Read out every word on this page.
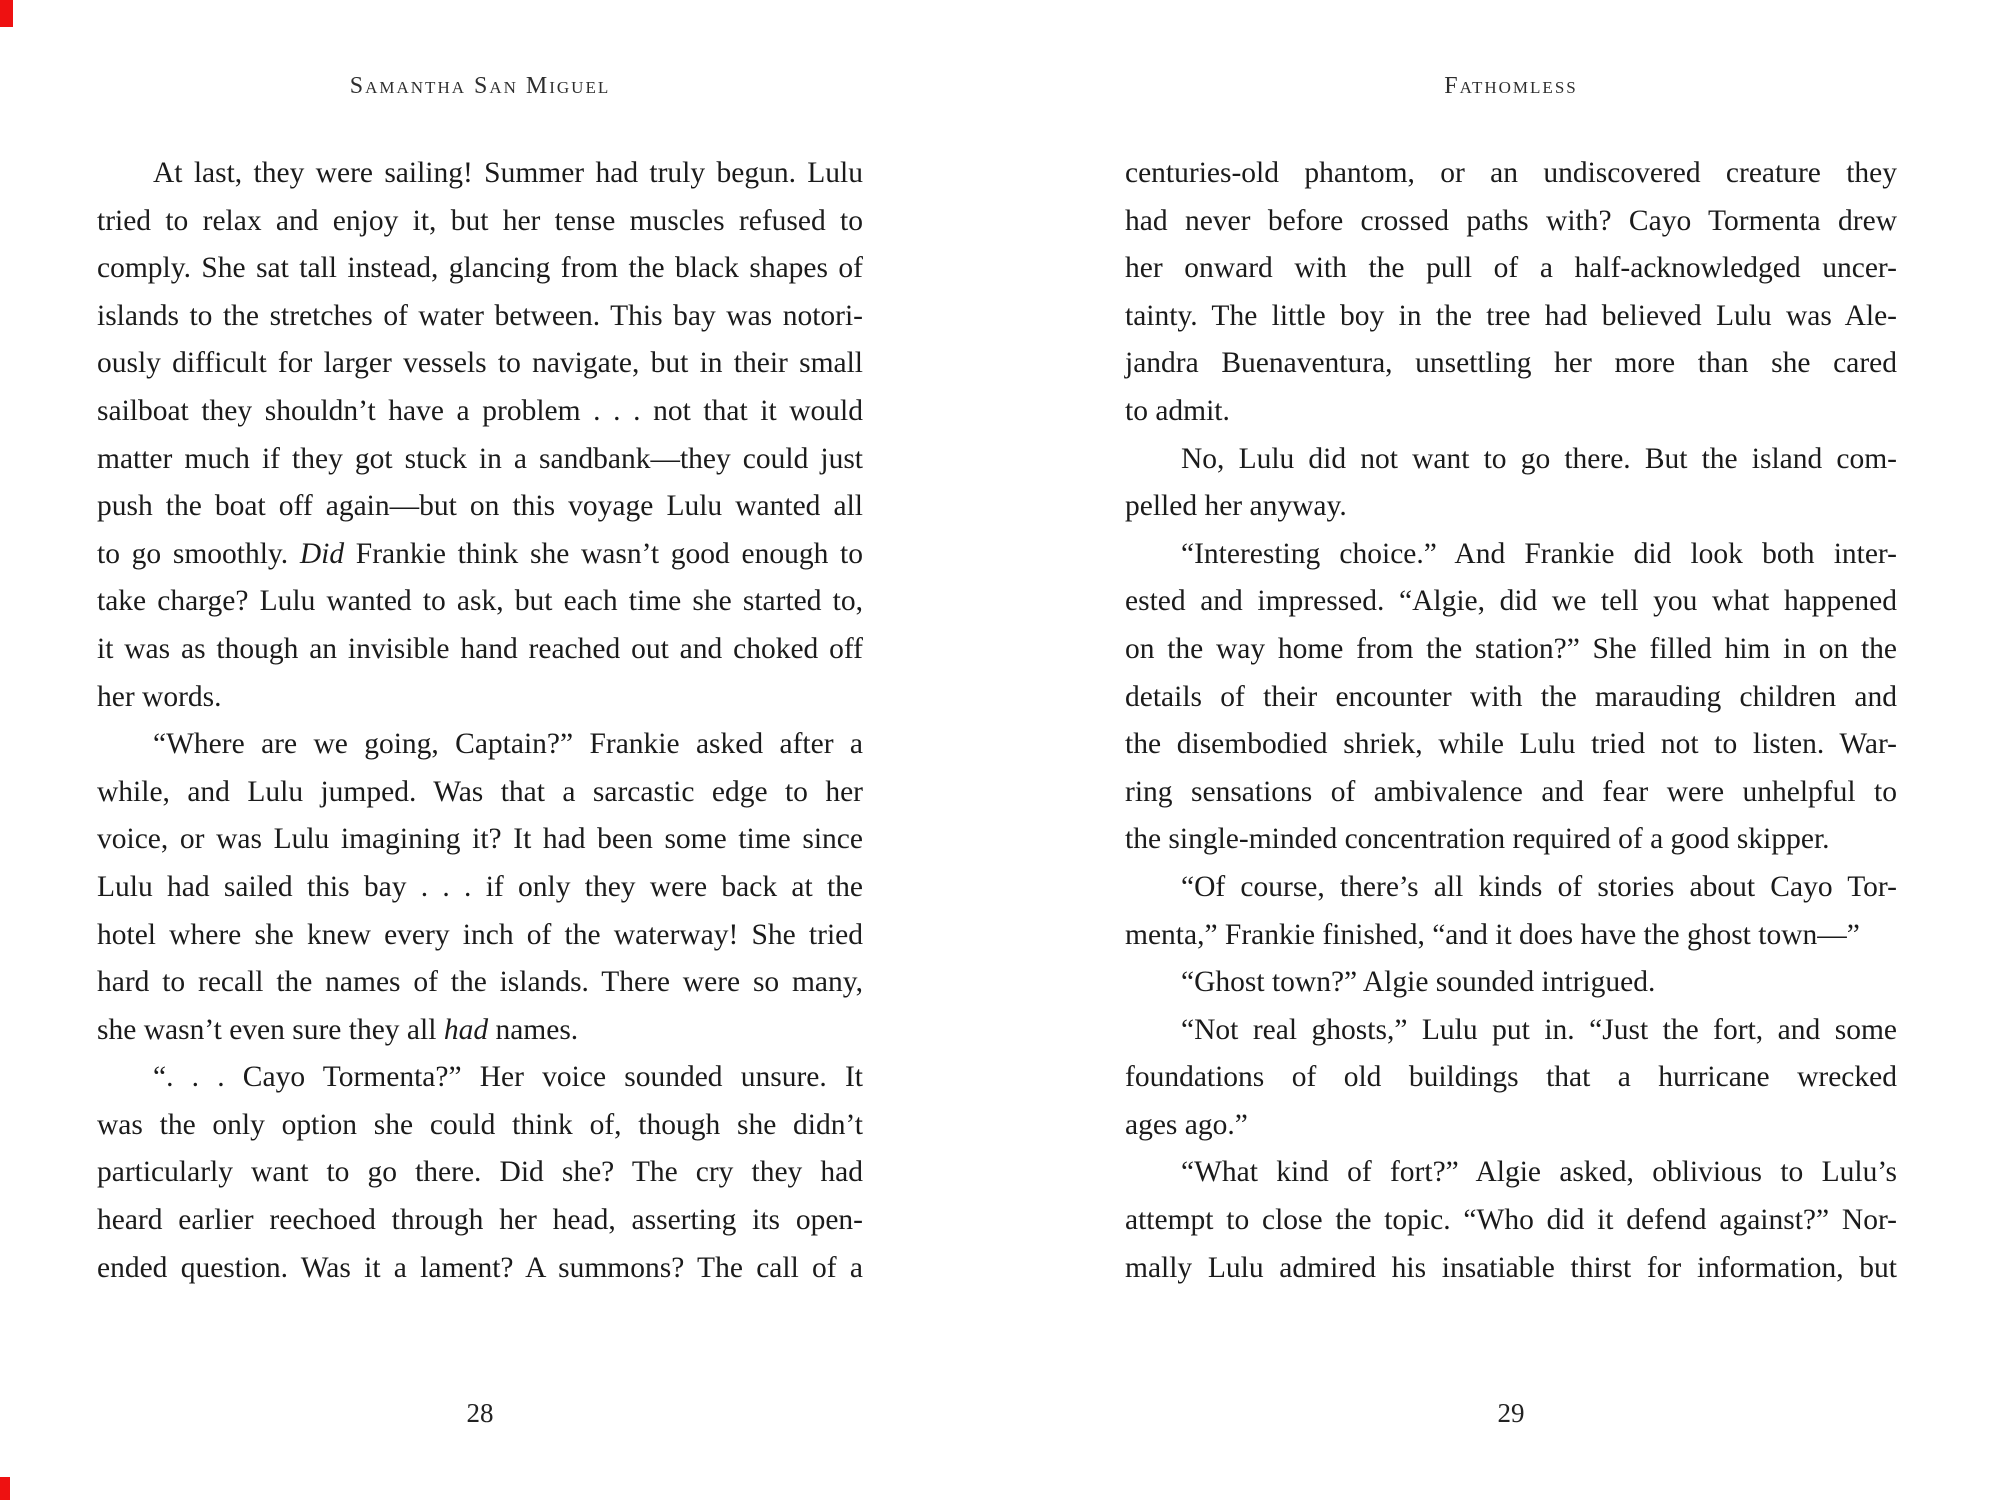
Samantha San Miguel	Fathomless
At last, they were sailing! Summer had truly begun. Lulu
tried to relax and enjoy it, but her tense muscles refused to
comply. She sat tall instead, glancing from the black shapes of
islands to the stretches of water between. This bay was notori-
ously difficult for larger vessels to navigate, but in their small
sailboat they shouldn’t have a problem . . . not that it would
matter much if they got stuck in a sandbank—they could just
push the boat off again—but on this voyage Lulu wanted all
to go smoothly. Did Frankie think she wasn’t good enough to
take charge? Lulu wanted to ask, but each time she started to,
it was as though an invisible hand reached out and choked off
her words.
“Where are we going, Captain?” Frankie asked after a
while, and Lulu jumped. Was that a sarcastic edge to her
voice, or was Lulu imagining it? It had been some time since
Lulu had sailed this bay . . . if only they were back at the
hotel where she knew every inch of the waterway! She tried
hard to recall the names of the islands. There were so many,
she wasn’t even sure they all had names.
“. . . Cayo Tormenta?” Her voice sounded unsure. It
was the only option she could think of, though she didn’t
particularly want to go there. Did she? The cry they had
heard earlier reechoed through her head, asserting its open-
ended question. Was it a lament? A summons? The call of a
centuries-old phantom, or an undiscovered creature they
had never before crossed paths with? Cayo Tormenta drew
her onward with the pull of a half-acknowledged uncer-
tainty. The little boy in the tree had believed Lulu was Ale-
jandra Buenaventura, unsettling her more than she cared
to admit.
No, Lulu did not want to go there. But the island com-
pelled her anyway.
“Interesting choice.” And Frankie did look both inter-
ested and impressed. “Algie, did we tell you what happened
on the way home from the station?” She filled him in on the
details of their encounter with the marauding children and
the disembodied shriek, while Lulu tried not to listen. War-
ring sensations of ambivalence and fear were unhelpful to
the single-minded concentration required of a good skipper.
“Of course, there’s all kinds of stories about Cayo Tor-
menta,” Frankie finished, “and it does have the ghost town—”
“Ghost town?” Algie sounded intrigued.
“Not real ghosts,” Lulu put in. “Just the fort, and some
foundations of old buildings that a hurricane wrecked
ages ago.”
“What kind of fort?” Algie asked, oblivious to Lulu’s
attempt to close the topic. “Who did it defend against?” Nor-
mally Lulu admired his insatiable thirst for information, but
28	29
